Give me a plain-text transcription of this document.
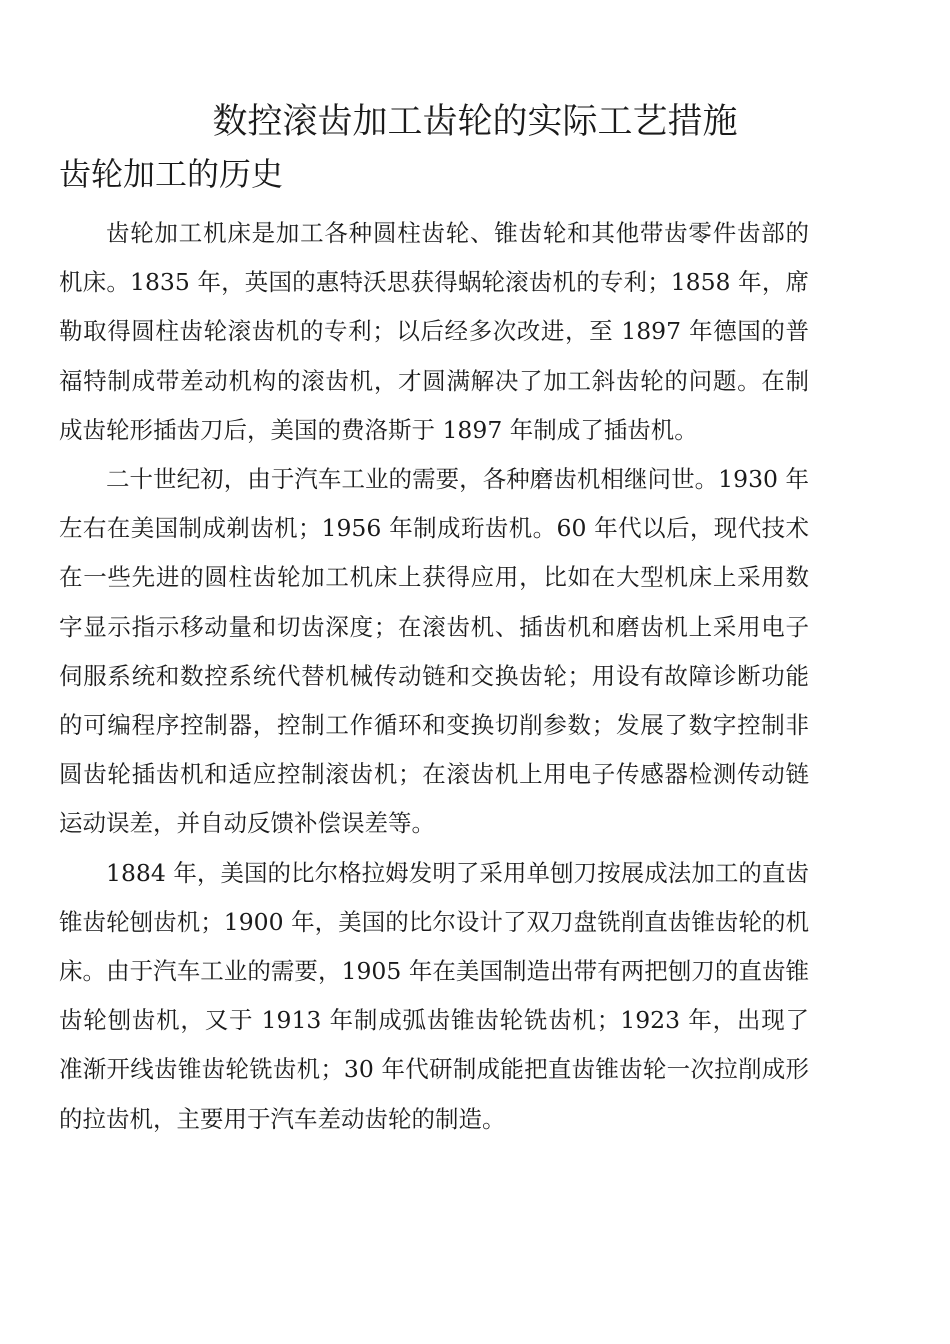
数控滚齿加工齿轮的实际工艺措施
齿轮加工的历史

齿轮加工机床是加工各种圆柱齿轮、锥齿轮和其他带齿零件齿部的机床。1835 年，英国的惠特沃思获得蜗轮滚齿机的专利；1858 年，席勒取得圆柱齿轮滚齿机的专利；以后经多次改进，至 1897 年德国的普福特制成带差动机构的滚齿机，才圆满解决了加工斜齿轮的问题。在制成齿轮形插齿刀后，美国的费洛斯于 1897 年制成了插齿机。

二十世纪初，由于汽车工业的需要，各种磨齿机相继问世。1930 年左右在美国制成剃齿机；1956 年制成珩齿机。60 年代以后，现代技术在一些先进的圆柱齿轮加工机床上获得应用，比如在大型机床上采用数字显示指示移动量和切齿深度；在滚齿机、插齿机和磨齿机上采用电子伺服系统和数控系统代替机械传动链和交换齿轮；用设有故障诊断功能的可编程序控制器，控制工作循环和变换切削参数；发展了数字控制非圆齿轮插齿机和适应控制滚齿机；在滚齿机上用电子传感器检测传动链运动误差，并自动反馈补偿误差等。

1884 年，美国的比尔格拉姆发明了采用单刨刀按展成法加工的直齿锥齿轮刨齿机；1900 年，美国的比尔设计了双刀盘铣削直齿锥齿轮的机床。由于汽车工业的需要，1905 年在美国制造出带有两把刨刀的直齿锥齿轮刨齿机，又于 1913 年制成弧齿锥齿轮铣齿机；1923 年，出现了准渐开线齿锥齿轮铣齿机；30 年代研制成能把直齿锥齿轮一次拉削成形的拉齿机，主要用于汽车差动齿轮的制造。
